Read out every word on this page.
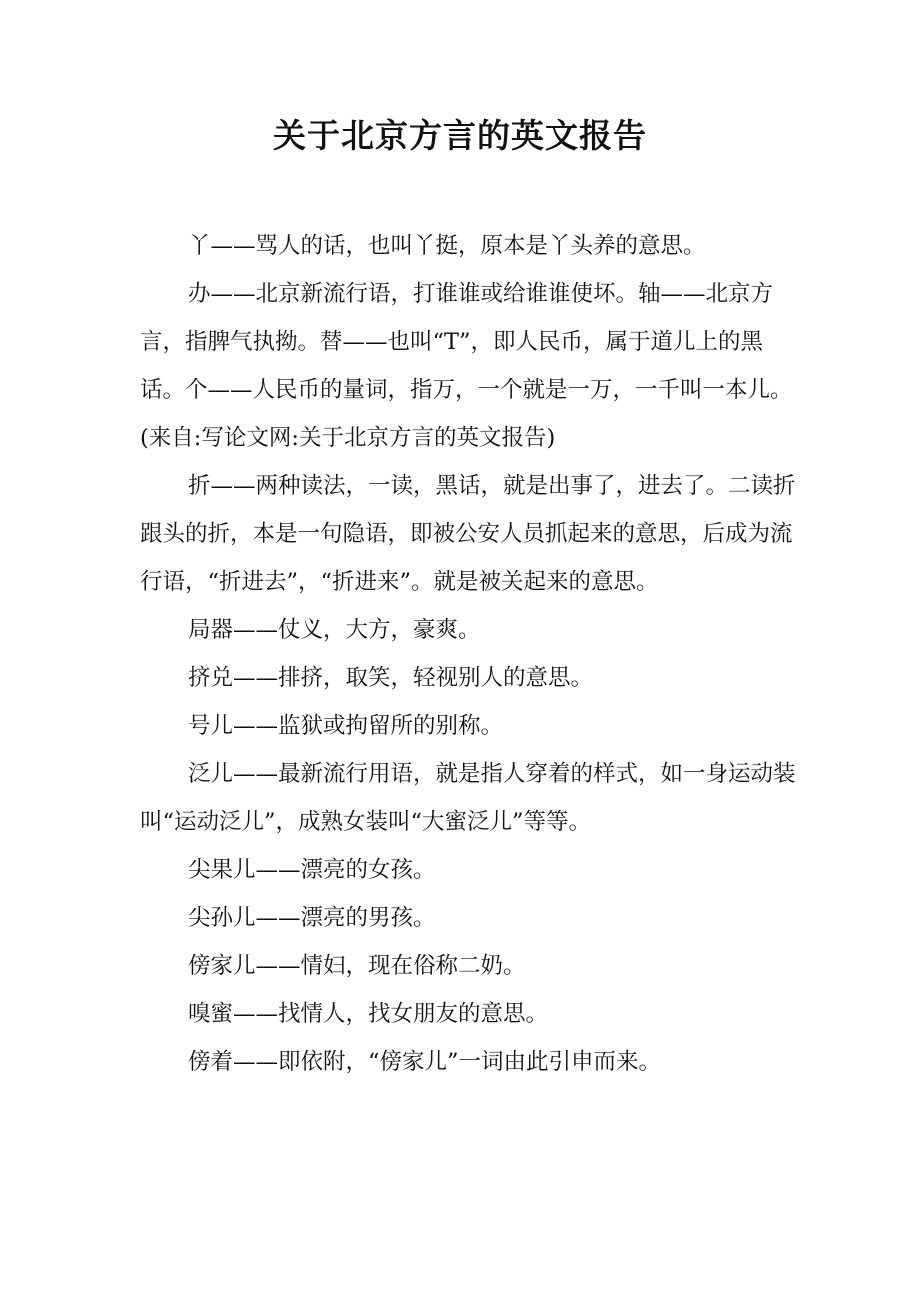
关于北京方言的英文报告

丫——骂人的话，也叫丫挺，原本是丫头养的意思。

办——北京新流行语，打谁谁或给谁谁使坏。轴——北京方言，指脾气执拗。替——也叫“T”，即人民币，属于道儿上的黑话。个——人民币的量词，指万，一个就是一万，一千叫一本儿。

(来自:写论文网:关于北京方言的英文报告)

折——两种读法，一读，黑话，就是出事了，进去了。二读折跟头的折，本是一句隐语，即被公安人员抓起来的意思，后成为流行语，“折进去”，“折进来”。就是被关起来的意思。

局器——仗义，大方，豪爽。

挤兑——排挤，取笑，轻视别人的意思。

号儿——监狱或拘留所的别称。

泛儿——最新流行用语，就是指人穿着的样式，如一身运动装叫“运动泛儿”，成熟女装叫“大蜜泛儿”等等。

尖果儿——漂亮的女孩。

尖孙儿——漂亮的男孩。

傍家儿——情妇，现在俗称二奶。

嗅蜜——找情人，找女朋友的意思。

傍着——即依附，“傍家儿”一词由此引申而来。
